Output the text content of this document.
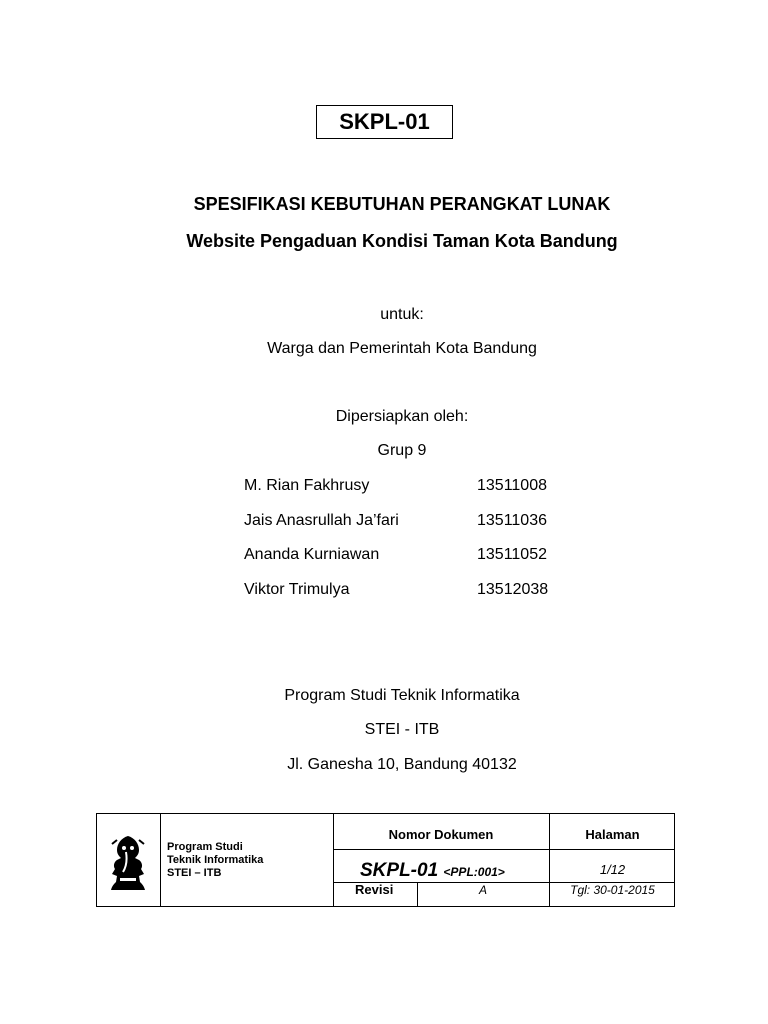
SKPL-01
SPESIFIKASI KEBUTUHAN PERANGKAT LUNAK
Website Pengaduan Kondisi Taman Kota Bandung
untuk:
Warga dan Pemerintah Kota Bandung
Dipersiapkan oleh:
Grup 9
M. Rian Fakhrusy	13511008
Jais Anasrullah Ja’fari	13511036
Ananda Kurniawan	13511052
Viktor Trimulya	13512038
Program Studi Teknik Informatika
STEI - ITB
Jl. Ganesha 10, Bandung 40132
Program Studi
Teknik Informatika
STEI – ITB
Nomor Dokumen	Halaman
SKPL-01 <PPL:001>	1/12
Revisi	A	Tgl: 30-01-2015
